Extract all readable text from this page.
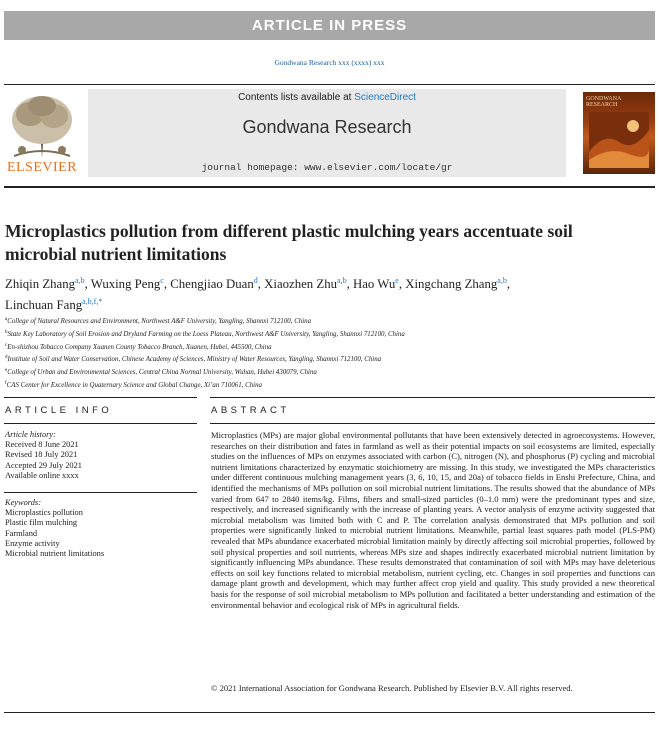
ARTICLE IN PRESS
Gondwana Research xxx (xxxx) xxx
ELSEVIER
Contents lists available at ScienceDirect
Gondwana Research
journal homepage: www.elsevier.com/locate/gr
GONDWANA RESEARCH
Microplastics pollution from different plastic mulching years accentuate soil microbial nutrient limitations
Zhiqin Zhang$^{a,b}$, Wuxing Peng$^c$, Chengjiao Duan$^d$, Xiaozhen Zhu$^{a,b}$, Hao Wu$^e$, Xingchang Zhang$^{a,b}$,
Linchuan Fang$^{a,b,f,*}$
$^a$College of Natural Resources and Environment, Northwest A&F University, Yangling, Shannxi 712100, China
$^b$State Key Laboratory of Soil Erosion and Dryland Farming on the Loess Plateau, Northwest A&F University, Yangling, Shannxi 712100, China
$^c$En-shizhou Tobacco Company Xuanen County Tobacco Branch, Xuanen, Hubei, 445500, China
$^d$Institute of Soil and Water Conservation, Chinese Academy of Sciences, Ministry of Water Resources, Yangling, Shannxi 712100, China
$^e$College of Urban and Environmental Sciences, Central China Normal University, Wuhan, Hubei 430079, China
$^f$CAS Center for Excellence in Quaternary Science and Global Change, Xi’an 710061, China
ARTICLE INFO	ABSTRACT
Article history:
Received 8 June 2021
Revised 18 July 2021
Accepted 29 July 2021
Available online xxxx
Keywords:
Microplastics pollution
Plastic film mulching
Farmland
Enzyme activity
Microbial nutrient limitations

Microplastics (MPs) are major global environmental pollutants that have been extensively detected in agroecosystems. However, researches on their distribution and fates in farmland as well as their potential impacts on soil ecosystems are limited, especially studies on the influences of MPs on enzymes associated with carbon (C), nitrogen (N), and phosphorus (P) cycling and microbial nutrient limitations characterized by enzymatic stoichiometry are missing. In this study, we investigated the MPs characteristics under different continuous mulching management years (3, 6, 10, 15, and 20a) of tobacco fields in Enshi Prefecture, China, and identified the mechanisms of MPs pollution on soil microbial nutrient limitations. The results showed that the abundance of MPs varied from 647 to 2840 items/kg. Films, fibers and small-sized particles (0–1.0 mm) were the predominant types and size, respectively, and increased significantly with the increase of planting years. A vector analysis of enzyme activity suggested that microbial metabolism was limited both with C and P. The correlation analysis demonstrated that MPs pollution and soil properties were significantly linked to microbial nutrient limitations. Meanwhile, partial least squares path model (PLS-PM) revealed that MPs abundance exacerbated microbial limitation mainly by directly affecting soil microbial properties, followed by soil physical properties and soil nutrients, whereas MPs size and shapes indirectly exacerbated microbial nutrient limitation by significantly influencing MPs abundance. These results demonstrated that contamination of soil with MPs may have deleterious effects on soil key functions related to microbial metabolism, nutrient cycling, etc. Changes in soil properties and functions can damage plant growth and development, which may further affect crop yield and quality. This study provided a new theoretical basis for the response of soil microbial metabolism to MPs pollution and facilitated a better understanding and estimation of the environmental behavior and ecological risk of MPs in agricultural fields.

© 2021 International Association for Gondwana Research. Published by Elsevier B.V. All rights reserved.
